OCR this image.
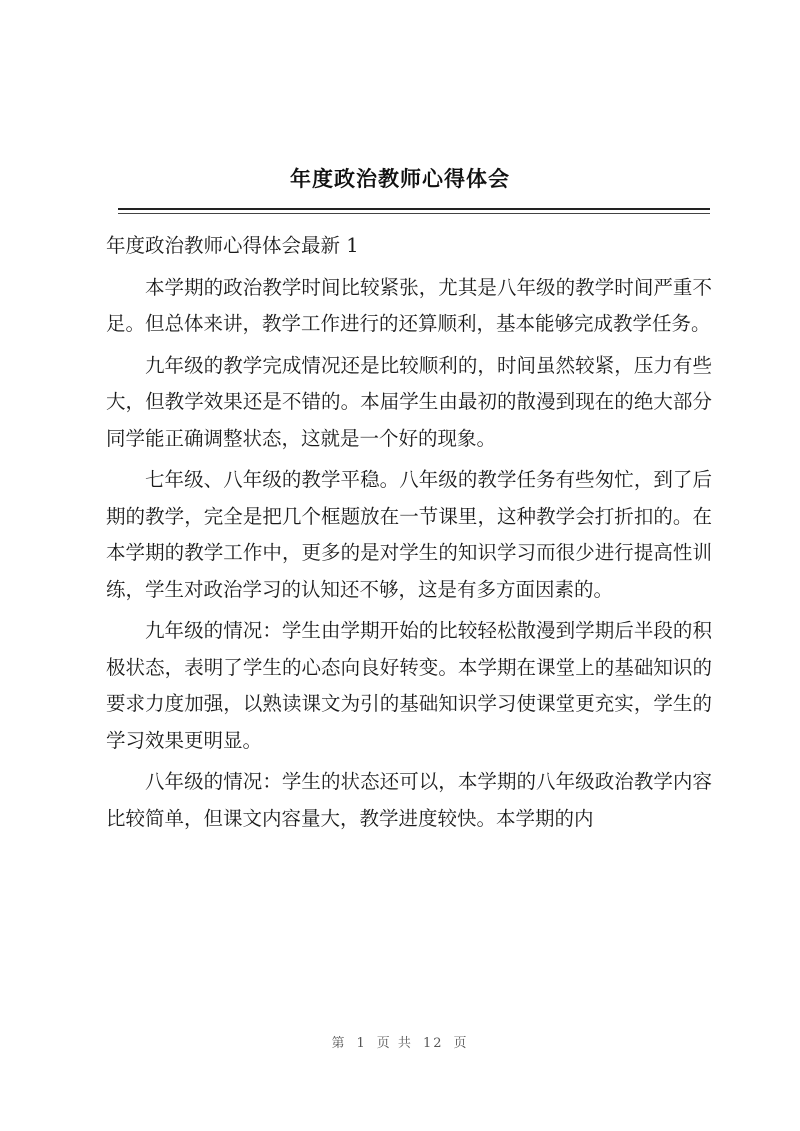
年度政治教师心得体会

年度政治教师心得体会最新 1

本学期的政治教学时间比较紧张，尤其是八年级的教学时间严重不足。但总体来讲，教学工作进行的还算顺利，基本能够完成教学任务。

九年级的教学完成情况还是比较顺利的，时间虽然较紧，压力有些大，但教学效果还是不错的。本届学生由最初的散漫到现在的绝大部分同学能正确调整状态，这就是一个好的现象。

七年级、八年级的教学平稳。八年级的教学任务有些匆忙，到了后期的教学，完全是把几个框题放在一节课里，这种教学会打折扣的。在本学期的教学工作中，更多的是对学生的知识学习而很少进行提高性训练，学生对政治学习的认知还不够，这是有多方面因素的。

九年级的情况：学生由学期开始的比较轻松散漫到学期后半段的积极状态，表明了学生的心态向良好转变。本学期在课堂上的基础知识的要求力度加强，以熟读课文为引的基础知识学习使课堂更充实，学生的学习效果更明显。

八年级的情况：学生的状态还可以，本学期的八年级政治教学内容比较简单，但课文内容量大，教学进度较快。本学期的内

第 1 页 共 12 页
